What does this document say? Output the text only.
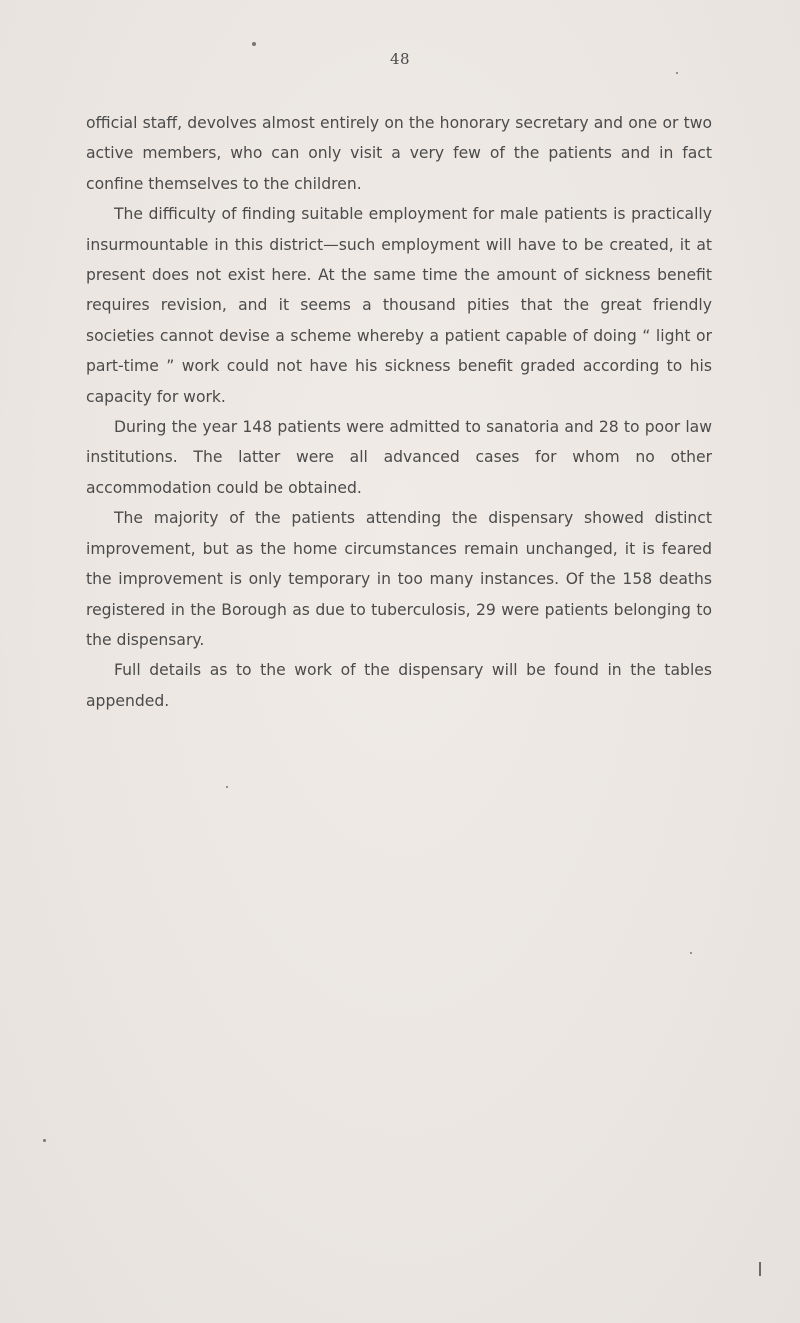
48

official staff, devolves almost entirely on the honorary secretary and one or two active members, who can only visit a very few of the patients and in fact confine themselves to the children.

The difficulty of finding suitable employment for male patients is practically insurmountable in this district—such employment will have to be created, it at present does not exist here. At the same time the amount of sickness benefit requires revision, and it seems a thousand pities that the great friendly societies cannot devise a scheme whereby a patient capable of doing “ light or part-time ” work could not have his sickness benefit graded according to his capacity for work.

During the year 148 patients were admitted to sanatoria and 28 to poor law institutions. The latter were all advanced cases for whom no other accommodation could be obtained.

The majority of the patients attending the dispensary showed distinct improvement, but as the home circumstances remain unchanged, it is feared the improvement is only temporary in too many instances. Of the 158 deaths registered in the Borough as due to tuberculosis, 29 were patients belonging to the dispensary.

Full details as to the work of the dispensary will be found in the tables appended.
